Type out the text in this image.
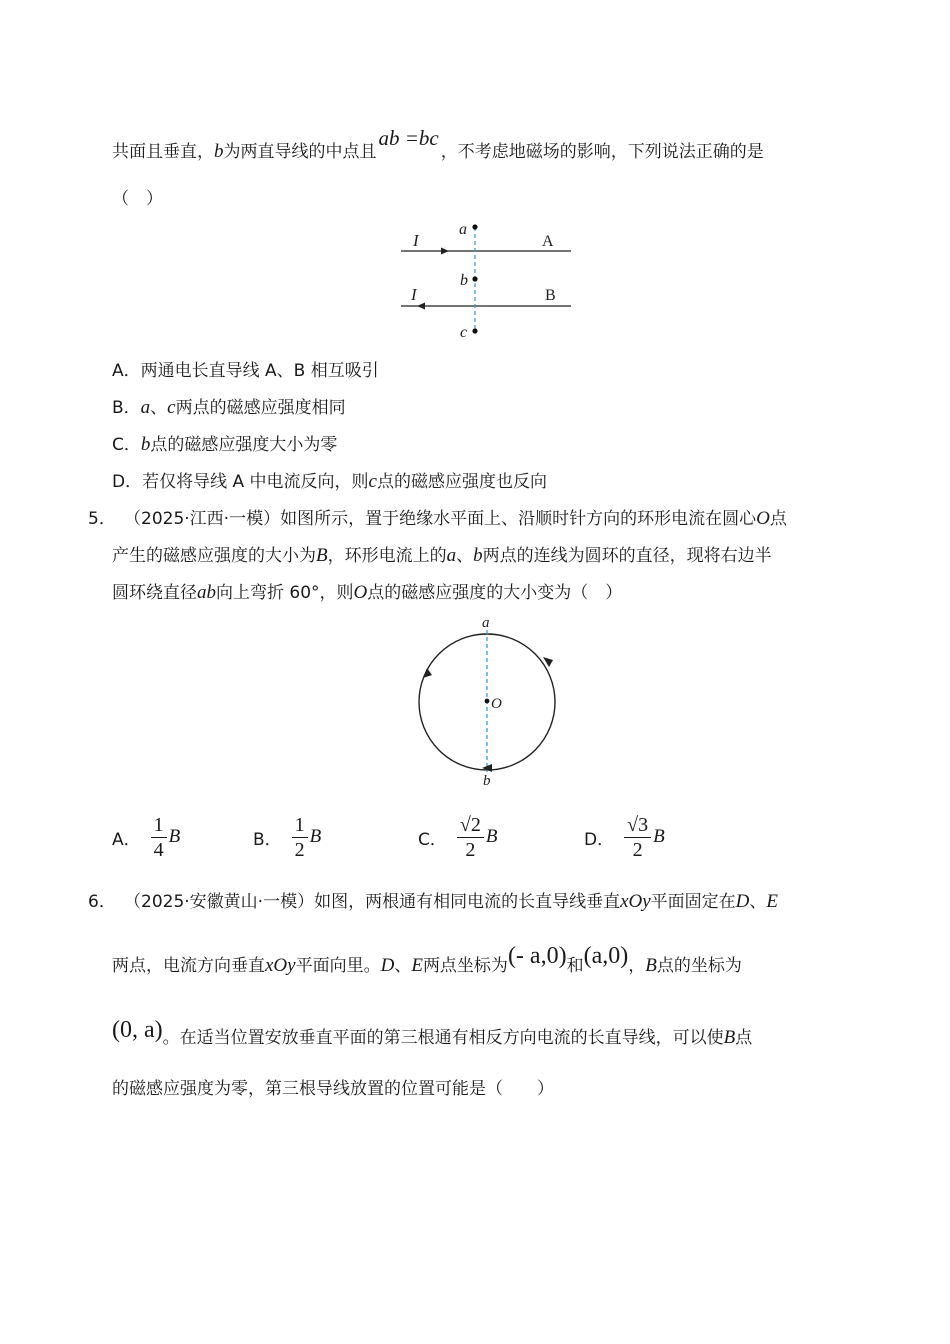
共面且垂直，b为两直导线的中点且ab =bc，不考虑地磁场的影响，下列说法正确的是
（　）
I
I
A
B
a
b
c
A．两通电长直导线 A、B 相互吸引
B．a、c两点的磁感应强度相同
C．b点的磁感应强度大小为零
D．若仅将导线 A 中电流反向，则c点的磁感应强度也反向
5． （2025·江西·一模）如图所示，置于绝缘水平面上、沿顺时针方向的环形电流在圆心O点
产生的磁感应强度的大小为B，环形电流上的a、b两点的连线为圆环的直径，现将右边半
圆环绕直径ab向上弯折 60°，则O点的磁感应强度的大小变为（　）
a
b
O
A． $\frac{1}{4}$ B	B． $\frac{1}{2}$ B	C． $\frac{√2}{2}$ B	D． $\frac{√3}{2}$ B
6． （2025·安徽黄山·一模）如图，两根通有相同电流的长直导线垂直xOy平面固定在D、E
两点，电流方向垂直xOy平面向里。D、E两点坐标为(- a,0)和(a,0)，B点的坐标为
(0, a)。在适当位置安放垂直平面的第三根通有相反方向电流的长直导线，可以使B点
的磁感应强度为零，第三根导线放置的位置可能是（　　）
